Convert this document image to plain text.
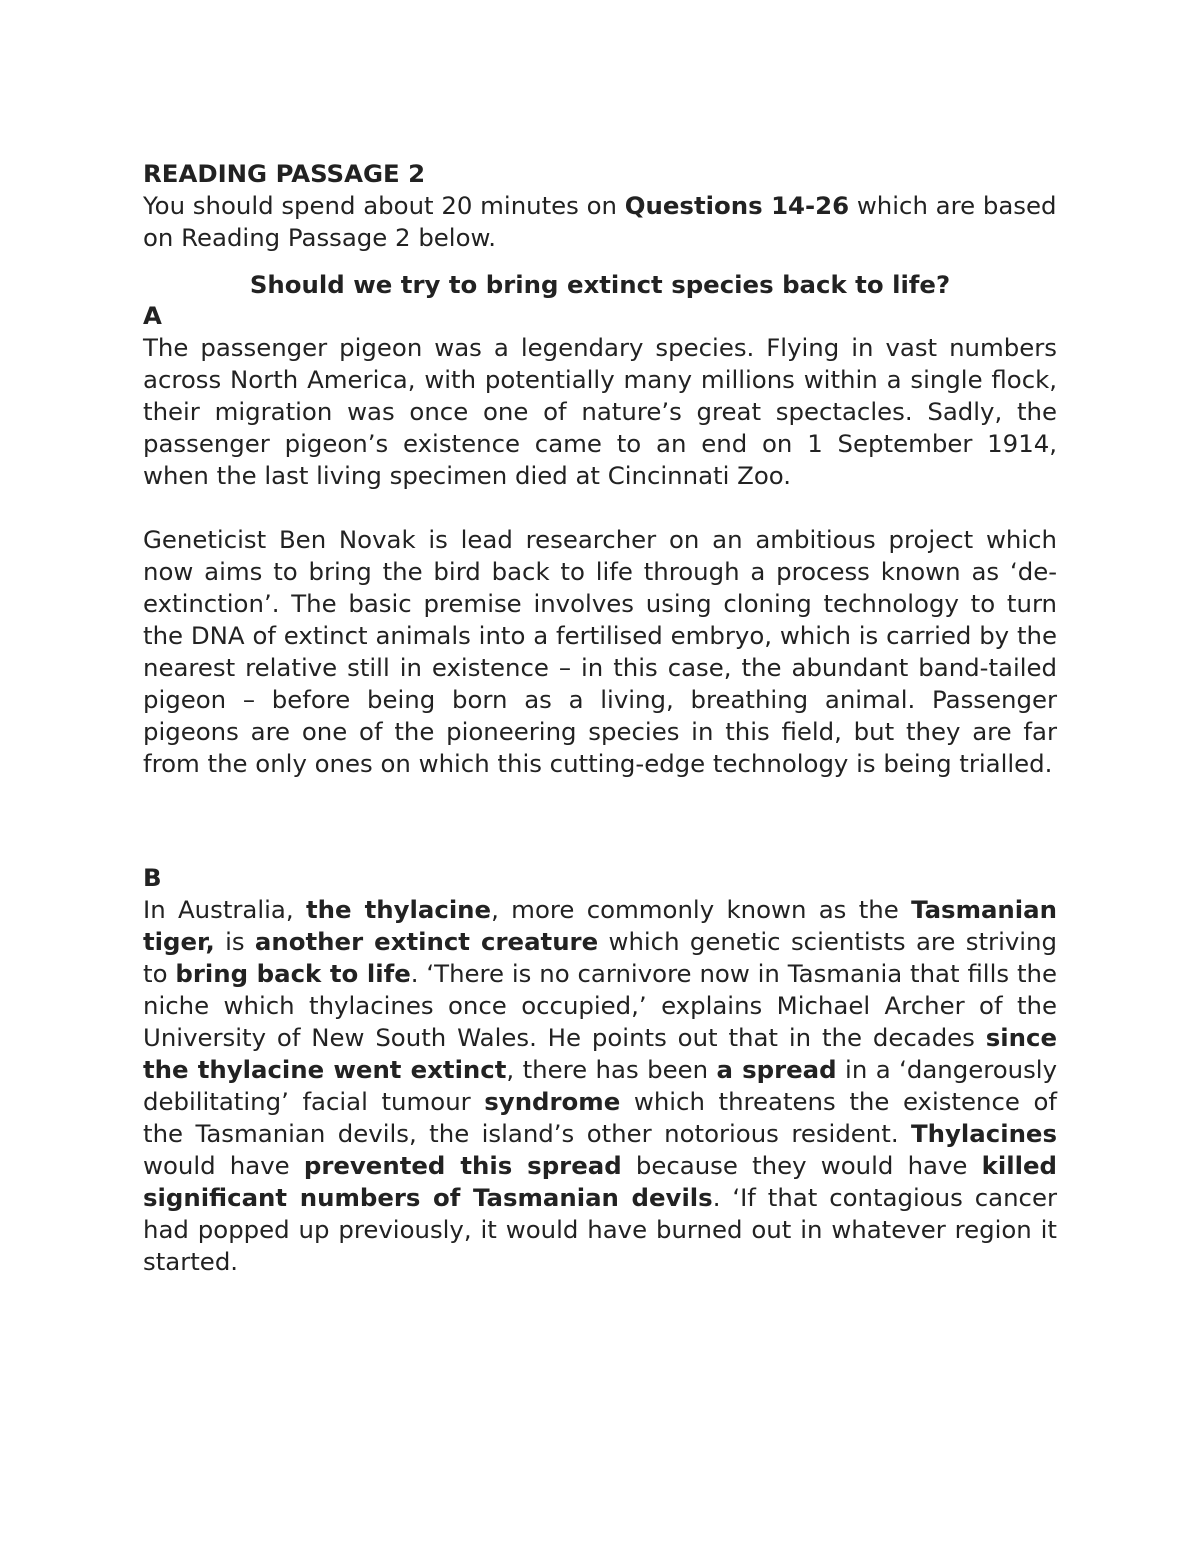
READING PASSAGE 2

You should spend about 20 minutes on Questions 14-26 which are based on Reading Passage 2 below.

Should we try to bring extinct species back to life?
A

The passenger pigeon was a legendary species. Flying in vast numbers across North America, with potentially many millions within a single flock, their migration was once one of nature’s great spectacles. Sadly, the passenger pigeon’s existence came to an end on 1 September 1914, when the last living specimen died at Cincinnati Zoo.

Geneticist Ben Novak is lead researcher on an ambitious project which now aims to bring the bird back to life through a process known as ‘de-extinction’. The basic premise involves using cloning technology to turn the DNA of extinct animals into a fertilised embryo, which is carried by the nearest relative still in existence – in this case, the abundant band-tailed pigeon – before being born as a living, breathing animal. Passenger pigeons are one of the pioneering species in this field, but they are far from the only ones on which this cutting-edge technology is being trialled.

B

In Australia, the thylacine, more commonly known as the Tasmanian tiger, is another extinct creature which genetic scientists are striving to bring back to life. ‘There is no carnivore now in Tasmania that fills the niche which thylacines once occupied,’ explains Michael Archer of the University of New South Wales. He points out that in the decades since the thylacine went extinct, there has been a spread in a ‘dangerously debilitating’ facial tumour syndrome which threatens the existence of the Tasmanian devils, the island’s other notorious resident. Thylacines would have prevented this spread because they would have killed significant numbers of Tasmanian devils. ‘If that contagious cancer had popped up previously, it would have burned out in whatever region it started.
